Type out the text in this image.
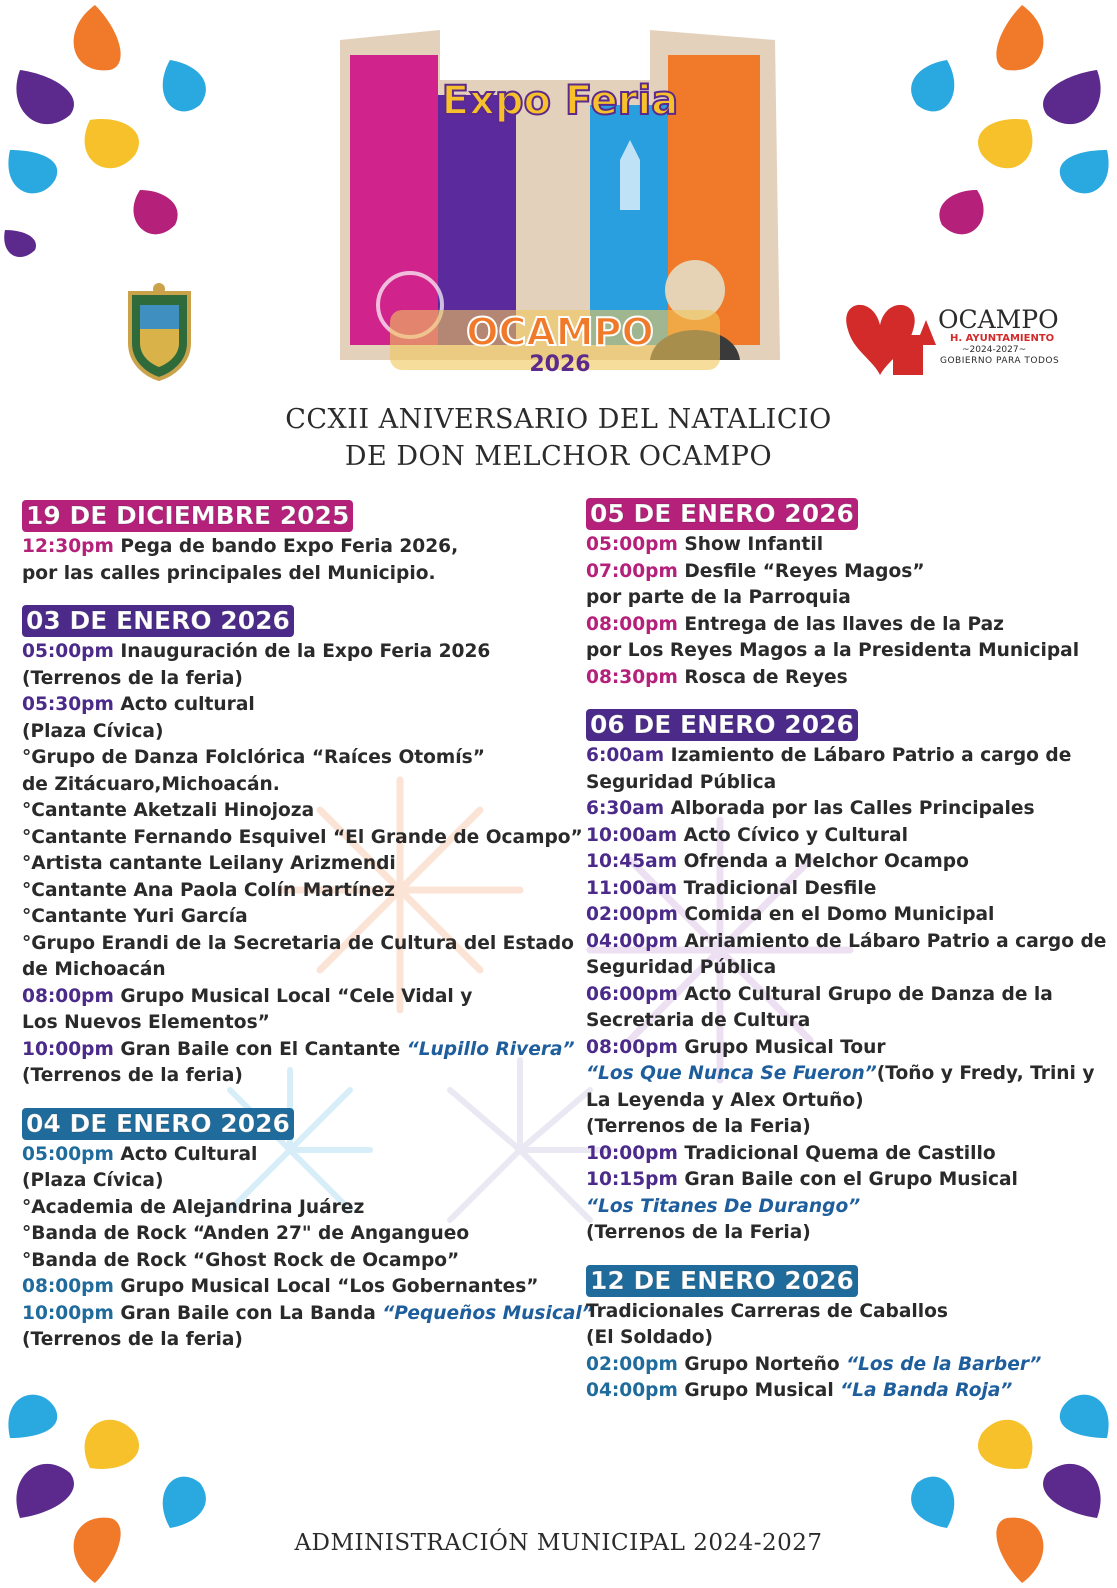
Expo Feria
OCAMPO
2026
OCAMPO
H. AYUNTAMIENTO
~2024-2027~
GOBIERNO PARA TODOS
CCXII ANIVERSARIO DEL NATALICIO
DE DON MELCHOR OCAMPO
19 DE DICIEMBRE 2025
12:30pm Pega de bando Expo Feria 2026,
por las calles principales del Municipio.
03 DE ENERO 2026
05:00pm Inauguración de la Expo Feria 2026
(Terrenos de la feria)
05:30pm Acto cultural
(Plaza Cívica)
°Grupo de Danza Folclórica “Raíces Otomís”
de Zitácuaro,Michoacán.
°Cantante Aketzali Hinojoza
°Cantante Fernando Esquivel “El Grande de Ocampo”
°Artista cantante Leilany Arizmendi
°Cantante Ana Paola Colín Martínez
°Cantante Yuri García
°Grupo Erandi de la Secretaria de Cultura del Estado
de Michoacán
08:00pm Grupo Musical Local “Cele Vidal y
Los Nuevos Elementos”
10:00pm Gran Baile con El Cantante “Lupillo Rivera”
(Terrenos de la feria)
04 DE ENERO 2026
05:00pm Acto Cultural
(Plaza Cívica)
°Academia de Alejandrina Juárez
°Banda de Rock “Anden 27" de Angangueo
°Banda de Rock “Ghost Rock de Ocampo”
08:00pm Grupo Musical Local “Los Gobernantes”
10:00pm Gran Baile con La Banda “Pequeños Musical”
(Terrenos de la feria)
05 DE ENERO 2026
05:00pm Show Infantil
07:00pm Desfile “Reyes Magos”
por parte de la Parroquia
08:00pm Entrega de las llaves de la Paz
por Los Reyes Magos a la Presidenta Municipal
08:30pm Rosca de Reyes
06 DE ENERO 2026
6:00am Izamiento de Lábaro Patrio a cargo de
Seguridad Pública
6:30am Alborada por las Calles Principales
10:00am Acto Cívico y Cultural
10:45am Ofrenda a Melchor Ocampo
11:00am Tradicional Desfile
02:00pm Comida en el Domo Municipal
04:00pm Arriamiento de Lábaro Patrio a cargo de
Seguridad Pública
06:00pm Acto Cultural Grupo de Danza de la
Secretaria de Cultura
08:00pm Grupo Musical Tour
“Los Que Nunca Se Fueron”(Toño y Fredy, Trini y
La Leyenda y Alex Ortuño)
(Terrenos de la Feria)
10:00pm Tradicional Quema de Castillo
10:15pm Gran Baile con el Grupo Musical
“Los Titanes De Durango”
(Terrenos de la Feria)
12 DE ENERO 2026
Tradicionales Carreras de Caballos
(El Soldado)
02:00pm Grupo Norteño “Los de la Barber”
04:00pm Grupo Musical “La Banda Roja”
ADMINISTRACIÓN MUNICIPAL 2024-2027
